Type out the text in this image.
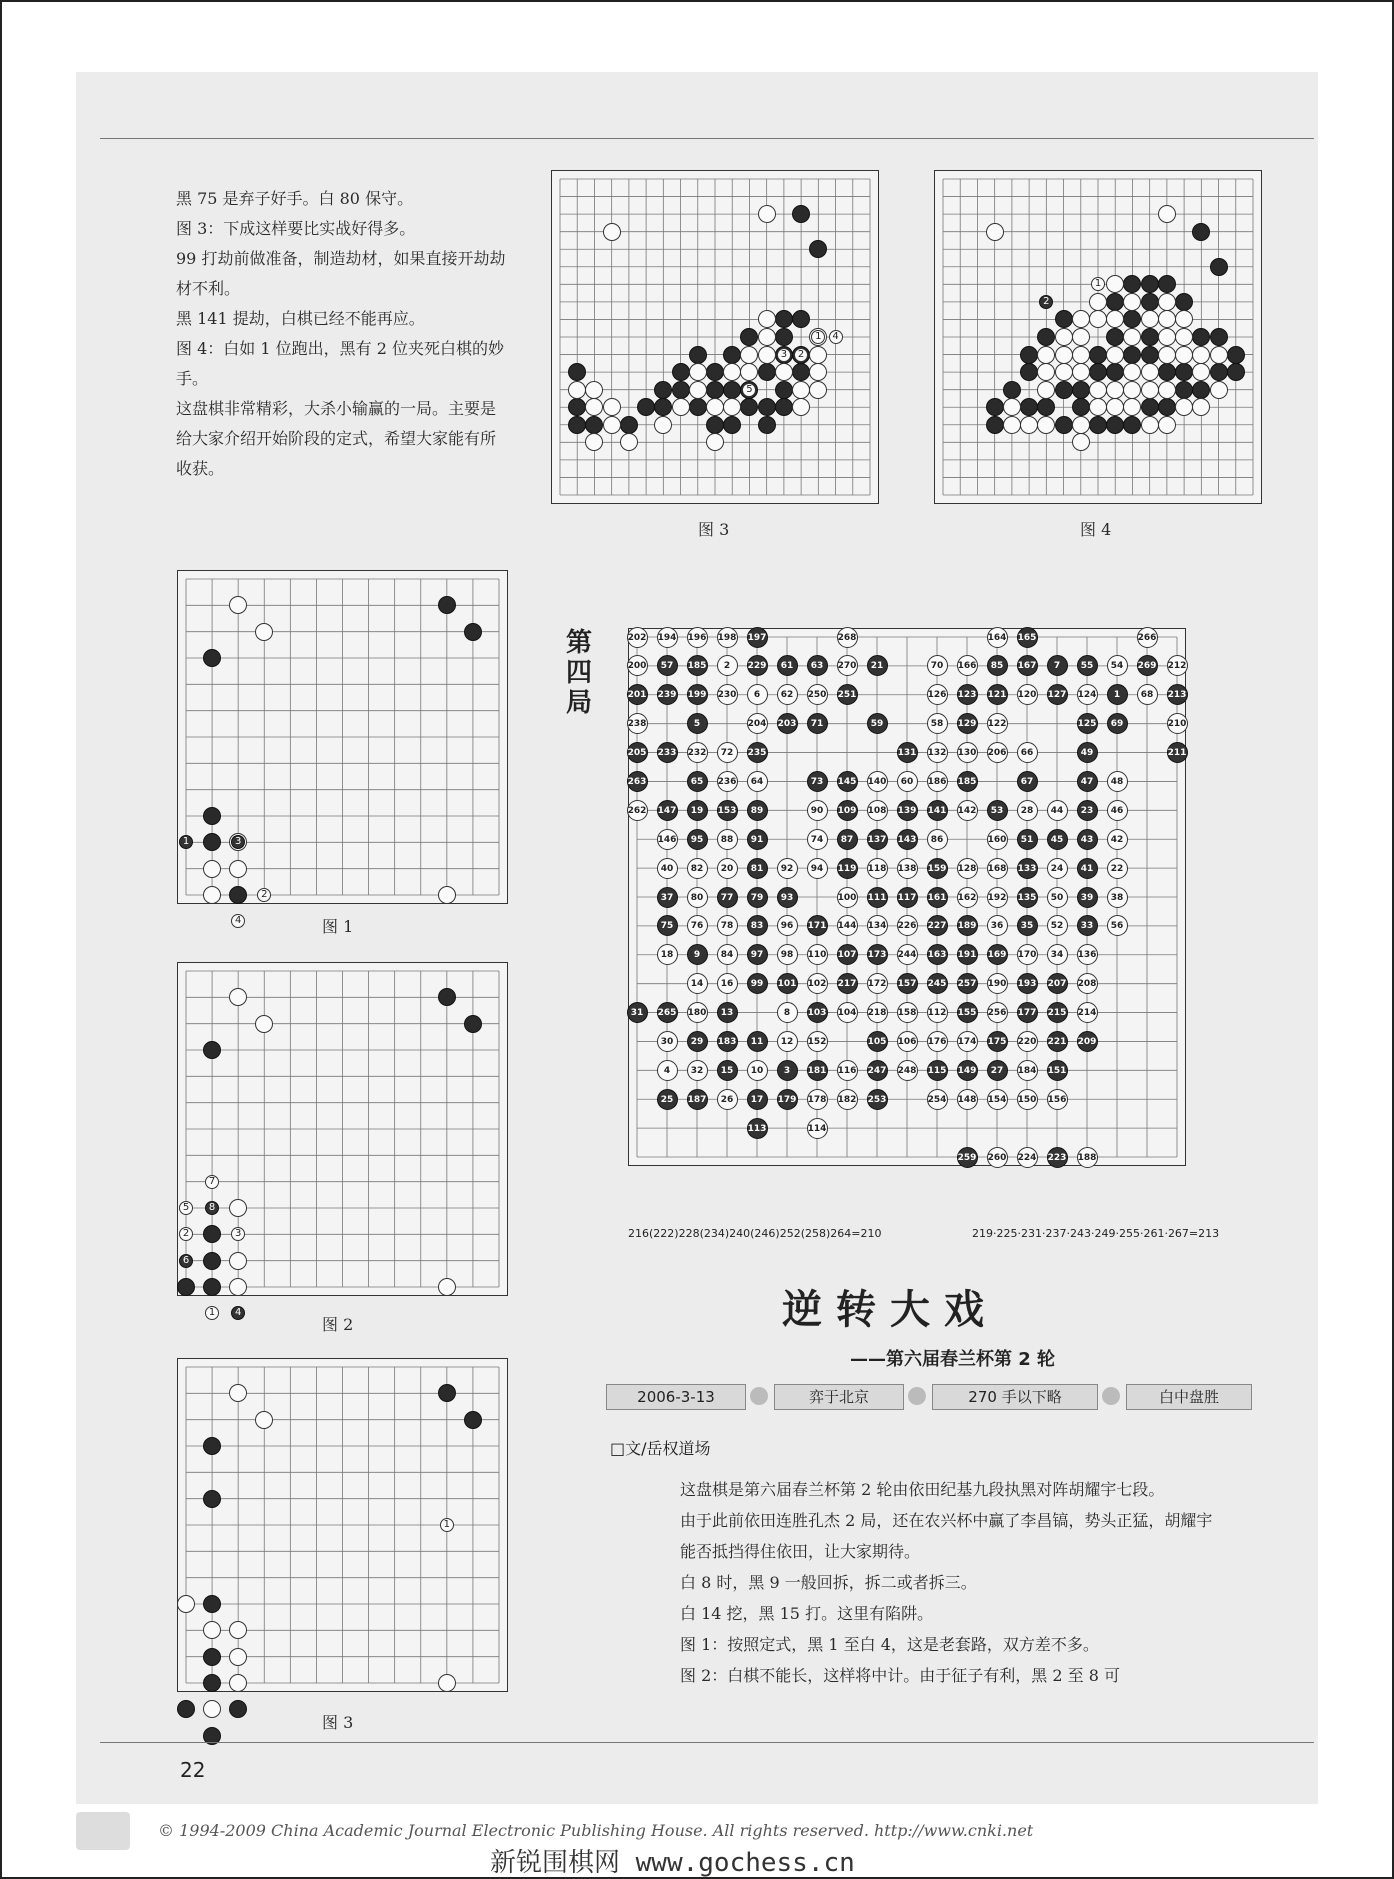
黑 75 是弃子好手。白 80 保守。

图 3：下成这样要比实战好得多。

99 打劫前做准备，制造劫材，如果直接开劫劫材不利。

黑 141 提劫，白棋已经不能再应。

图 4：白如 1 位跑出，黑有 2 位夹死白棋的妙手。

这盘棋非常精彩，大杀小输赢的一局。主要是给大家介绍开始阶段的定式，希望大家能有所收获。

1	4
3	2
5
图 3
1
2
图 4
1	3
2
4	图 1
7
5	8
2	3
6
1	4
图 2
1
图 3
第四局
202 194 196 198 197	268	164 165	266
200	57	185	2	229	61	63	270	21	70	166	85	167	7	55	54	269 212
201 239 199 230	6	62	250 251	126 123 121 120 127 124	1	68	213
238	5	204 203	71	59	58	129 122	125	69	210
205 233 232	72	235	131 132 130 206	66	49	211
263	65	236	64	73	145 140	60	186 185	67	47	48
262 147	19	153	89	90	109 108 139 141 142	53	28	44	23	46
146	95	88	91	74	87	137 143	86	160	51	45	43	42
40	82	20	81	92	94	119 118 138 159 128 168 133	24	41	22
37	80	77	79	93	100 111 117 161 162 192 135	50	39	38
75	76	78	83	96	171 144 134 226 227 189	36	35	52	33	56
18	9	84	97	98	110 107 173 244 163 191 169 170	34	136
14	16	99	101 102 217 172 157 245 257 190 193 207 208
31	265 180	13	8	103 104 218 158 112 155 256 177 215 214
30	29	183	11	12	152	105 106 176 174 175 220 221 209
4	32	15	10	3	181 116 247 248 115 149	27	184 151
25	187	26	17	179 178 182 253	254 148 154 150 156
113	114
259 260 224 223 188
216(222)228(234)240(246)252(258)264=210	219·225·231·237·243·249·255·261·267=213
逆转大戏
——第六届春兰杯第 2 轮
2006-3-13	弈于北京	270 手以下略	白中盘胜
□文/岳权道场

这盘棋是第六届春兰杯第 2 轮由依田纪基九段执黑对阵胡耀宇七段。

由于此前依田连胜孔杰 2 局，还在农兴杯中赢了李昌镐，势头正猛，胡耀宇能否抵挡得住依田，让大家期待。

白 8 时，黑 9 一般回拆，拆二或者拆三。

白 14 挖，黑 15 打。这里有陷阱。

图 1：按照定式，黑 1 至白 4，这是老套路，双方差不多。

图 2：白棋不能长，这样将中计。由于征子有利，黑 2 至 8 可

22
© 1994-2009 China Academic Journal Electronic Publishing House. All rights reserved. http://www.cnki.net
新锐围棋网 www.gochess.cn
